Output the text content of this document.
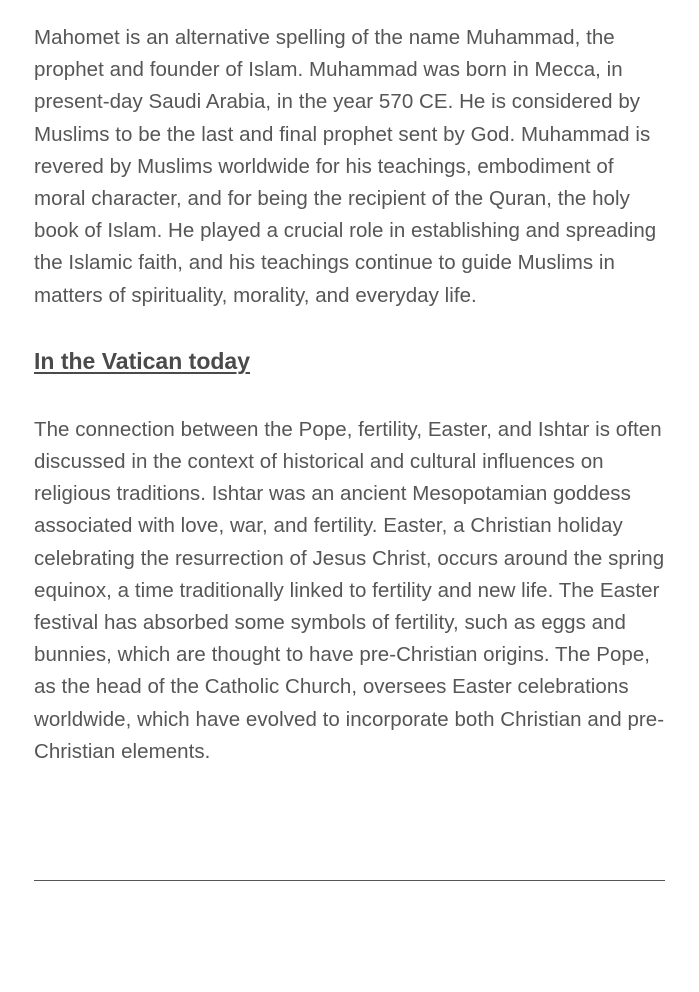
Mahomet is an alternative spelling of the name Muhammad, the prophet and founder of Islam. Muhammad was born in Mecca, in present-day Saudi Arabia, in the year 570 CE. He is considered by Muslims to be the last and final prophet sent by God. Muhammad is revered by Muslims worldwide for his teachings, embodiment of moral character, and for being the recipient of the Quran, the holy book of Islam. He played a crucial role in establishing and spreading the Islamic faith, and his teachings continue to guide Muslims in matters of spirituality, morality, and everyday life.

In the Vatican today

The connection between the Pope, fertility, Easter, and Ishtar is often discussed in the context of historical and cultural influences on religious traditions. Ishtar was an ancient Mesopotamian goddess associated with love, war, and fertility. Easter, a Christian holiday celebrating the resurrection of Jesus Christ, occurs around the spring equinox, a time traditionally linked to fertility and new life. The Easter festival has absorbed some symbols of fertility, such as eggs and bunnies, which are thought to have pre-Christian origins. The Pope, as the head of the Catholic Church, oversees Easter celebrations worldwide, which have evolved to incorporate both Christian and pre-Christian elements.
